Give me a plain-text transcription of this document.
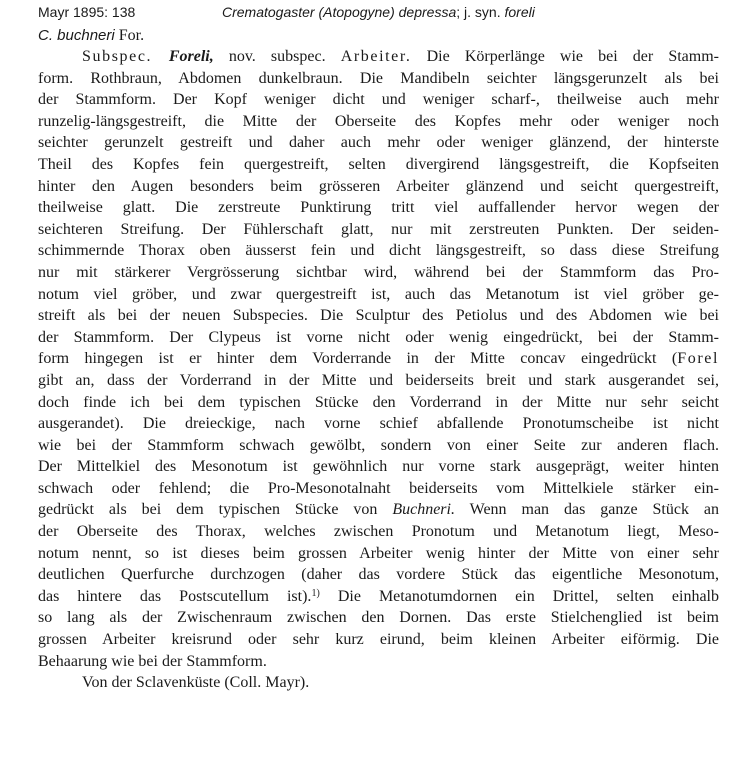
Mayr 1895: 138	Crematogaster (Atopogyne) depressa; j. syn. foreli
C. buchneri For.
Subspec. Foreli, nov. subspec. Arbeiter. Die Körperlänge wie bei der Stamm-
form. Rothbraun, Abdomen dunkelbraun. Die Mandibeln seichter längsgerunzelt als bei
der Stammform. Der Kopf weniger dicht und weniger scharf-, theilweise auch mehr
runzelig-längsgestreift, die Mitte der Oberseite des Kopfes mehr oder weniger noch
seichter gerunzelt gestreift und daher auch mehr oder weniger glänzend, der hinterste
Theil des Kopfes fein quergestreift, selten divergirend längsgestreift, die Kopfseiten
hinter den Augen besonders beim grösseren Arbeiter glänzend und seicht quergestreift,
theilweise glatt. Die zerstreute Punktirung tritt viel auffallender hervor wegen der
seichteren Streifung. Der Fühlerschaft glatt, nur mit zerstreuten Punkten. Der seiden-
schimmernde Thorax oben äusserst fein und dicht längsgestreift, so dass diese Streifung
nur mit stärkerer Vergrösserung sichtbar wird, während bei der Stammform das Pro-
notum viel gröber, und zwar quergestreift ist, auch das Metanotum ist viel gröber ge-
streift als bei der neuen Subspecies. Die Sculptur des Petiolus und des Abdomen wie bei
der Stammform. Der Clypeus ist vorne nicht oder wenig eingedrückt, bei der Stamm-
form hingegen ist er hinter dem Vorderrande in der Mitte concav eingedrückt (Forel
gibt an, dass der Vorderrand in der Mitte und beiderseits breit und stark ausgerandet sei,
doch finde ich bei dem typischen Stücke den Vorderrand in der Mitte nur sehr seicht
ausgerandet). Die dreieckige, nach vorne schief abfallende Pronotumscheibe ist nicht
wie bei der Stammform schwach gewölbt, sondern von einer Seite zur anderen flach.
Der Mittelkiel des Mesonotum ist gewöhnlich nur vorne stark ausgeprägt, weiter hinten
schwach oder fehlend; die Pro-Mesonotalnaht beiderseits vom Mittelkiele stärker ein-
gedrückt als bei dem typischen Stücke von Buchneri. Wenn man das ganze Stück an
der Oberseite des Thorax, welches zwischen Pronotum und Metanotum liegt, Meso-
notum nennt, so ist dieses beim grossen Arbeiter wenig hinter der Mitte von einer sehr
deutlichen Querfurche durchzogen (daher das vordere Stück das eigentliche Mesonotum,
das hintere das Postscutellum ist).$^{1)}$ Die Metanotumdornen ein Drittel, selten einhalb
so lang als der Zwischenraum zwischen den Dornen. Das erste Stielchenglied ist beim
grossen Arbeiter kreisrund oder sehr kurz eirund, beim kleinen Arbeiter eiförmig. Die
Behaarung wie bei der Stammform.
Von der Sclavenküste (Coll. Mayr).
